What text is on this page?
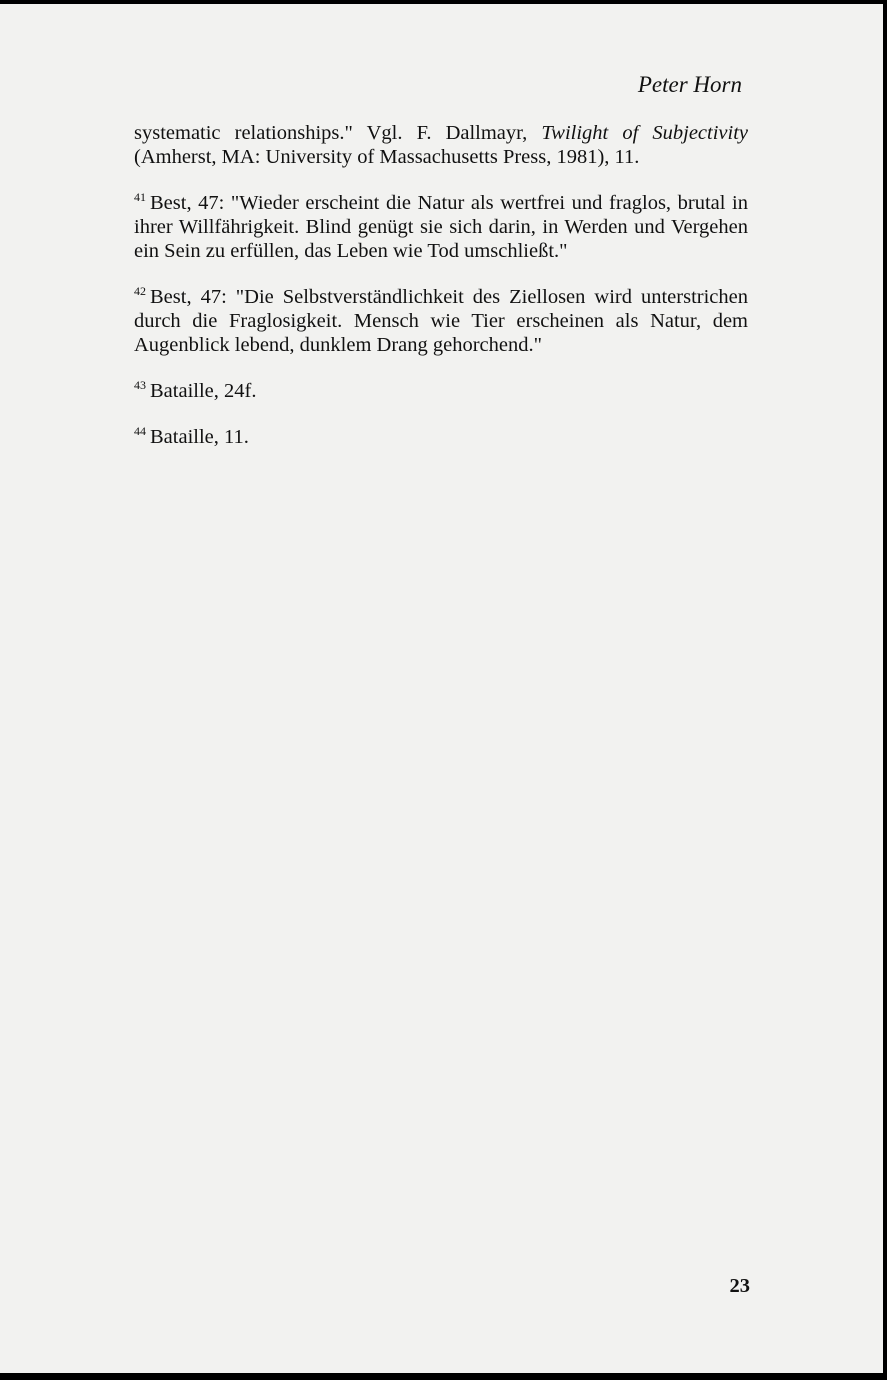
Peter Horn

systematic relationships." Vgl. F. Dallmayr, Twilight of Subjectivity (Amherst, MA: University of Massachusetts Press, 1981), 11.

$^{41}$ Best, 47: "Wieder erscheint die Natur als wertfrei und fraglos, brutal in ihrer Willfährigkeit. Blind genügt sie sich darin, in Werden und Vergehen ein Sein zu erfüllen, das Leben wie Tod umschließt."

$^{42}$ Best, 47: "Die Selbstverständlichkeit des Ziellosen wird unterstrichen durch die Fraglosigkeit. Mensch wie Tier erscheinen als Natur, dem Augenblick lebend, dunklem Drang gehorchend."

$^{43}$ Bataille, 24f.

$^{44}$ Bataille, 11.

23
